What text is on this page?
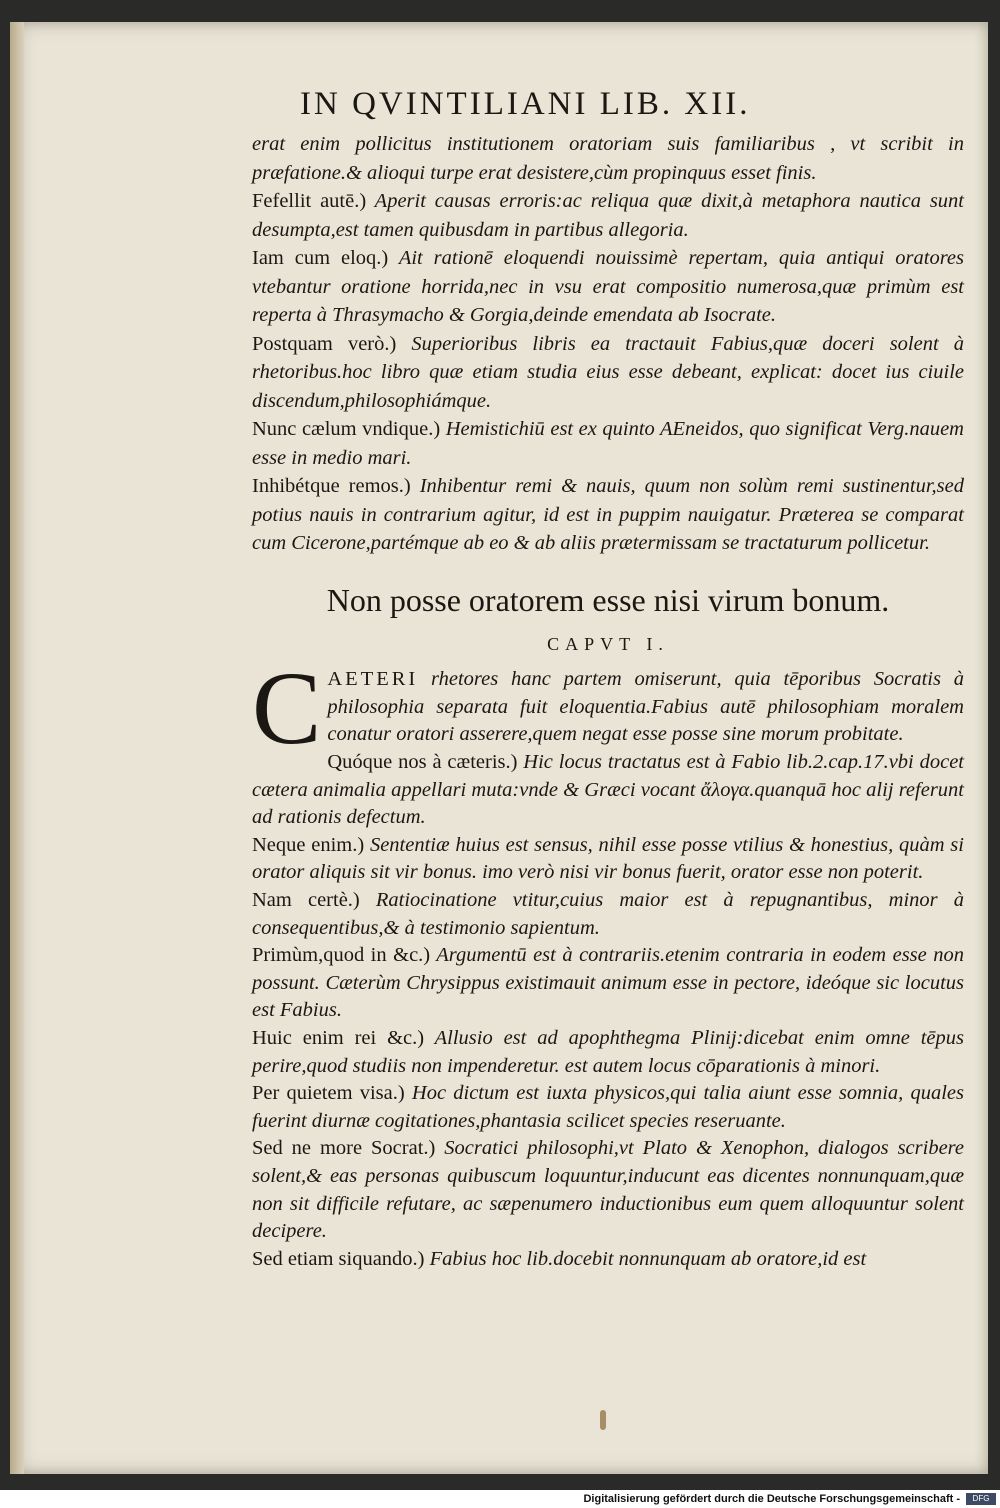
IN QVINTILIANI LIB. XII.

erat enim pollicitus institutionem oratoriam suis familiaribus , vt scribit in præfatione.& alioqui turpe erat desistere,cùm propinquus esset finis.

Fefellit autē.) Aperit causas erroris:ac reliqua quæ dixit,à metaphora nautica sunt desumpta,est tamen quibusdam in partibus allegoria.

Iam cum eloq.) Ait rationē eloquendi nouissimè repertam, quia antiqui oratores vtebantur oratione horrida,nec in vsu erat compositio numerosa,quæ primùm est reperta à Thrasymacho & Gorgia,deinde emendata ab Isocrate.

Postquam verò.) Superioribus libris ea tractauit Fabius,quæ doceri solent à rhetoribus.hoc libro quæ etiam studia eius esse debeant, explicat: docet ius ciuile discendum,philosophiámque.

Nunc cælum vndique.) Hemistichiū est ex quinto AEneidos, quo significat Verg.nauem esse in medio mari.

Inhibétque remos.) Inhibentur remi & nauis, quum non solùm remi sustinentur,sed potius nauis in contrarium agitur, id est in puppim nauigatur. Præterea se comparat cum Cicerone,partémque ab eo & ab aliis prætermissam se tractaturum pollicetur.

Non posse oratorem esse nisi virum bonum.
CAPVT I.

CAETERI rhetores hanc partem omiserunt, quia tēporibus Socratis à philosophia separata fuit eloquentia.Fabius autē philosophiam moralem conatur oratori asserere,quem negat esse posse sine morum probitate.

Quóque nos à cæteris.) Hic locus tractatus est à Fabio lib.2.cap.17.vbi docet cætera animalia appellari muta:vnde & Græci vocant ἄλογα.quanquā hoc alij referunt ad rationis defectum.

Neque enim.) Sententiæ huius est sensus, nihil esse posse vtilius & honestius, quàm si orator aliquis sit vir bonus. imo verò nisi vir bonus fuerit, orator esse non poterit.

Nam certè.) Ratiocinatione vtitur,cuius maior est à repugnantibus, minor à consequentibus,& à testimonio sapientum.

Primùm,quod in &c.) Argumentū est à contrariis.etenim contraria in eodem esse non possunt. Cæterùm Chrysippus existimauit animum esse in pectore, ideóque sic locutus est Fabius.

Huic enim rei &c.) Allusio est ad apophthegma Plinij:dicebat enim omne tēpus perire,quod studiis non impenderetur. est autem locus cōparationis à minori.

Per quietem visa.) Hoc dictum est iuxta physicos,qui talia aiunt esse somnia, quales fuerint diurnæ cogitationes,phantasia scilicet species reseruante.

Sed ne more Socrat.) Socratici philosophi,vt Plato & Xenophon, dialogos scribere solent,& eas personas quibuscum loquuntur,inducunt eas dicentes nonnunquam,quæ non sit difficile refutare, ac sæpenumero inductionibus eum quem alloquuntur solent decipere.

Sed etiam siquando.) Fabius hoc lib.docebit nonnunquam ab oratore,id est

Digitalisierung gefördert durch die Deutsche Forschungsgemeinschaft -	DFG
